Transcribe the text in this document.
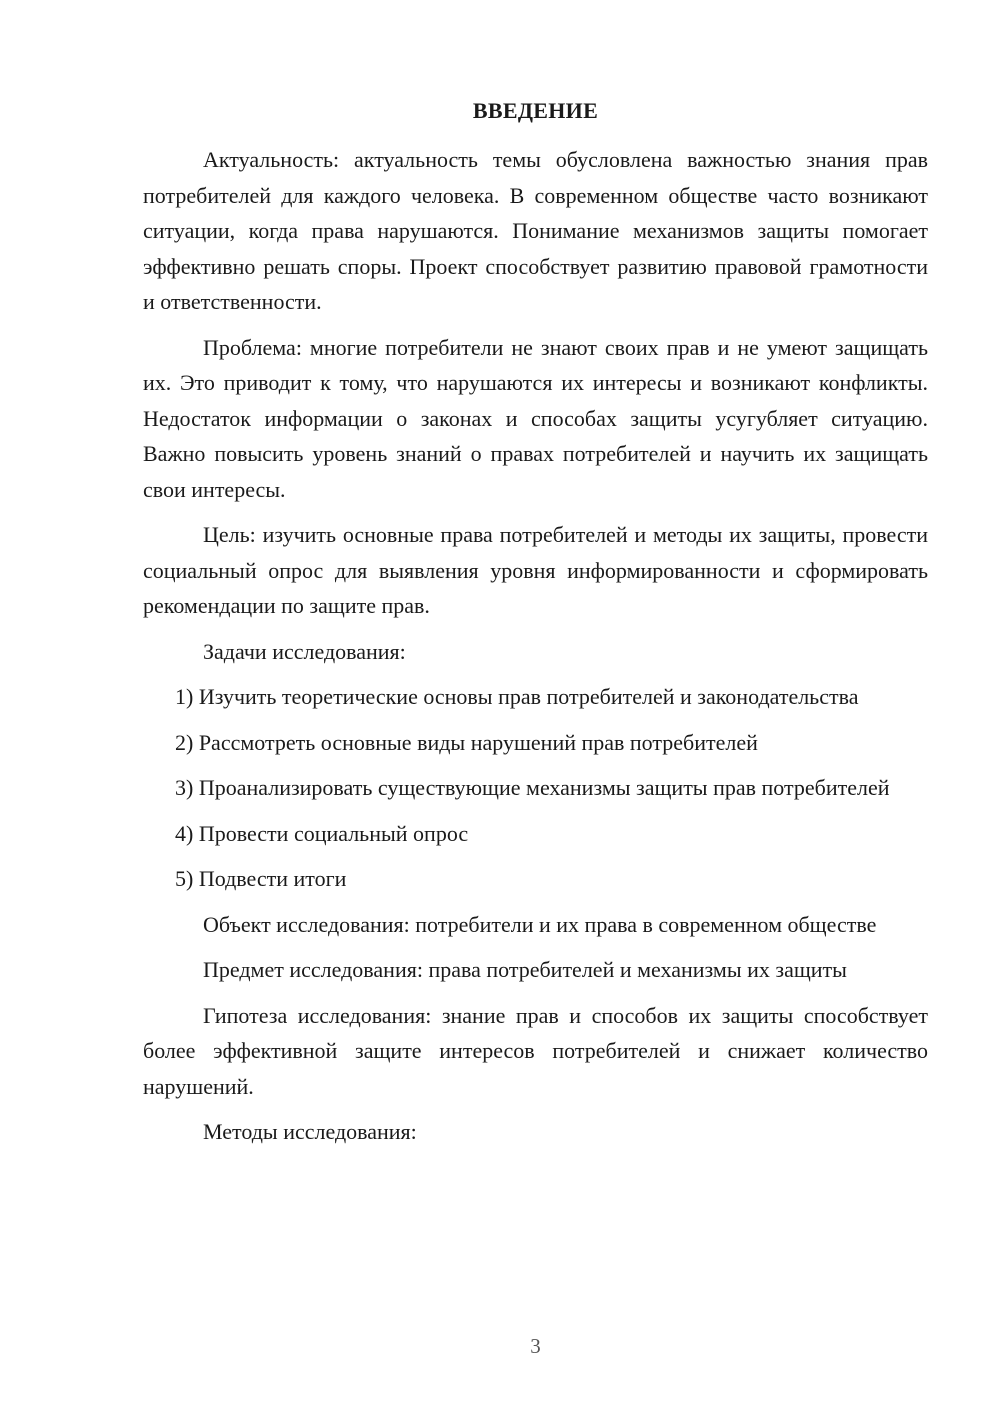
ВВЕДЕНИЕ

Актуальность: актуальность темы обусловлена важностью знания прав потребителей для каждого человека. В современном обществе часто возникают ситуации, когда права нарушаются. Понимание механизмов защиты помогает эффективно решать споры. Проект способствует развитию правовой грамотности и ответственности.

Проблема: многие потребители не знают своих прав и не умеют защищать их. Это приводит к тому, что нарушаются их интересы и возникают конфликты. Недостаток информации о законах и способах защиты усугубляет ситуацию. Важно повысить уровень знаний о правах потребителей и научить их защищать свои интересы.

Цель: изучить основные права потребителей и методы их защиты, провести социальный опрос для выявления уровня информированности и сформировать рекомендации по защите прав.

Задачи исследования:

1) Изучить теоретические основы прав потребителей и законодательства

2) Рассмотреть основные виды нарушений прав потребителей

3) Проанализировать существующие механизмы защиты прав потребителей

4) Провести социальный опрос

5) Подвести итоги

Объект исследования: потребители и их права в современном обществе

Предмет исследования: права потребителей и механизмы их защиты

Гипотеза исследования: знание прав и способов их защиты способствует более эффективной защите интересов потребителей и снижает количество нарушений.

Методы исследования:

3
